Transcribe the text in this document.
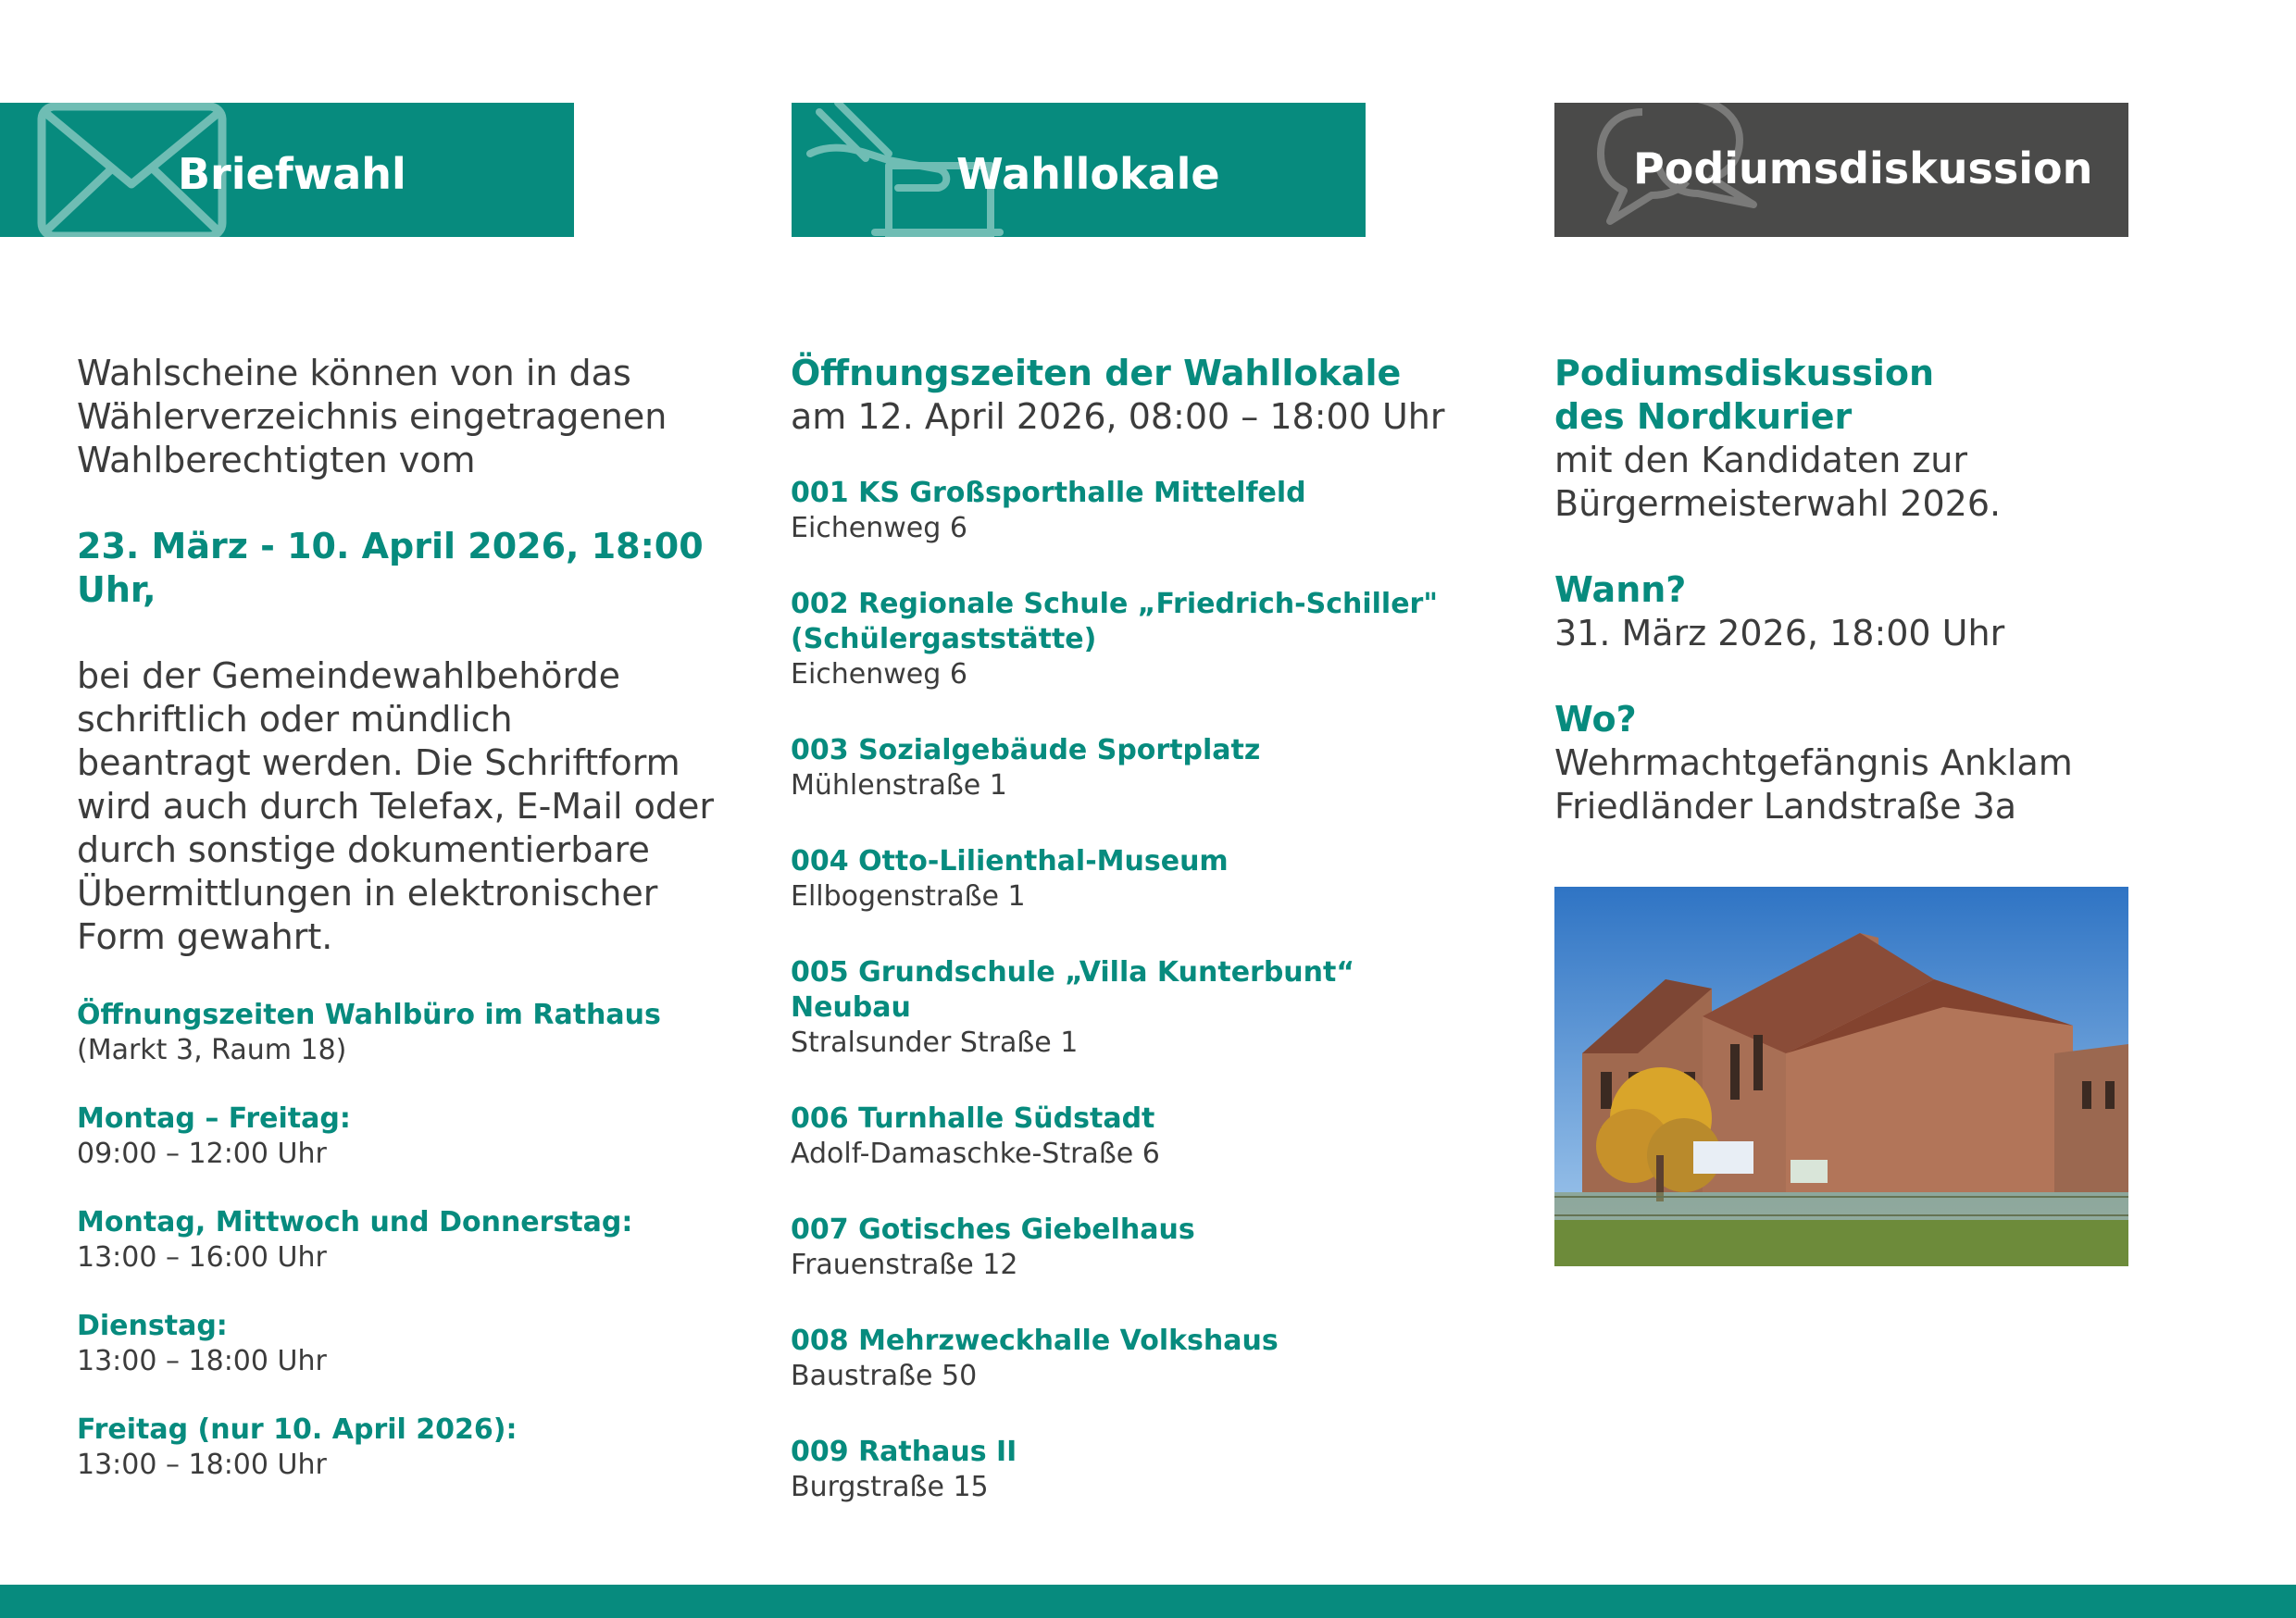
Briefwahl	Wahllokale	Podiumsdiskussion
Wahlscheine können von in das
Wählerverzeichnis eingetragenen
Wahlberechtigten vom
23. März - 10. April 2026, 18:00 Uhr,
bei der Gemeindewahlbehörde
schriftlich oder mündlich
beantragt werden. Die Schriftform
wird auch durch Telefax, E-Mail oder
durch sonstige dokumentierbare
Übermittlungen in elektronischer
Form gewahrt.
Öffnungszeiten Wahlbüro im Rathaus
(Markt 3, Raum 18)
Montag – Freitag:
09:00 – 12:00 Uhr
Montag, Mittwoch und Donnerstag:
13:00 – 16:00 Uhr
Dienstag:
13:00 – 18:00 Uhr
Freitag (nur 10. April 2026):
13:00 – 18:00 Uhr
Öffnungszeiten der Wahllokale
am 12. April 2026, 08:00 – 18:00 Uhr
001 KS Großsporthalle Mittelfeld
Eichenweg 6
002 Regionale Schule „Friedrich-Schiller"
(Schülergaststätte)
Eichenweg 6
003 Sozialgebäude Sportplatz
Mühlenstraße 1
004 Otto-Lilienthal-Museum
Ellbogenstraße 1
005 Grundschule „Villa Kunterbunt“ Neubau
Stralsunder Straße 1
006 Turnhalle Südstadt
Adolf-Damaschke-Straße 6
007 Gotisches Giebelhaus
Frauenstraße 12
008 Mehrzweckhalle Volkshaus
Baustraße 50
009 Rathaus II
Burgstraße 15
Podiumsdiskussion
des Nordkurier
mit den Kandidaten zur
Bürgermeisterwahl 2026.
Wann?
31. März 2026, 18:00 Uhr
Wo?
Wehrmachtgefängnis Anklam
Friedländer Landstraße 3a
